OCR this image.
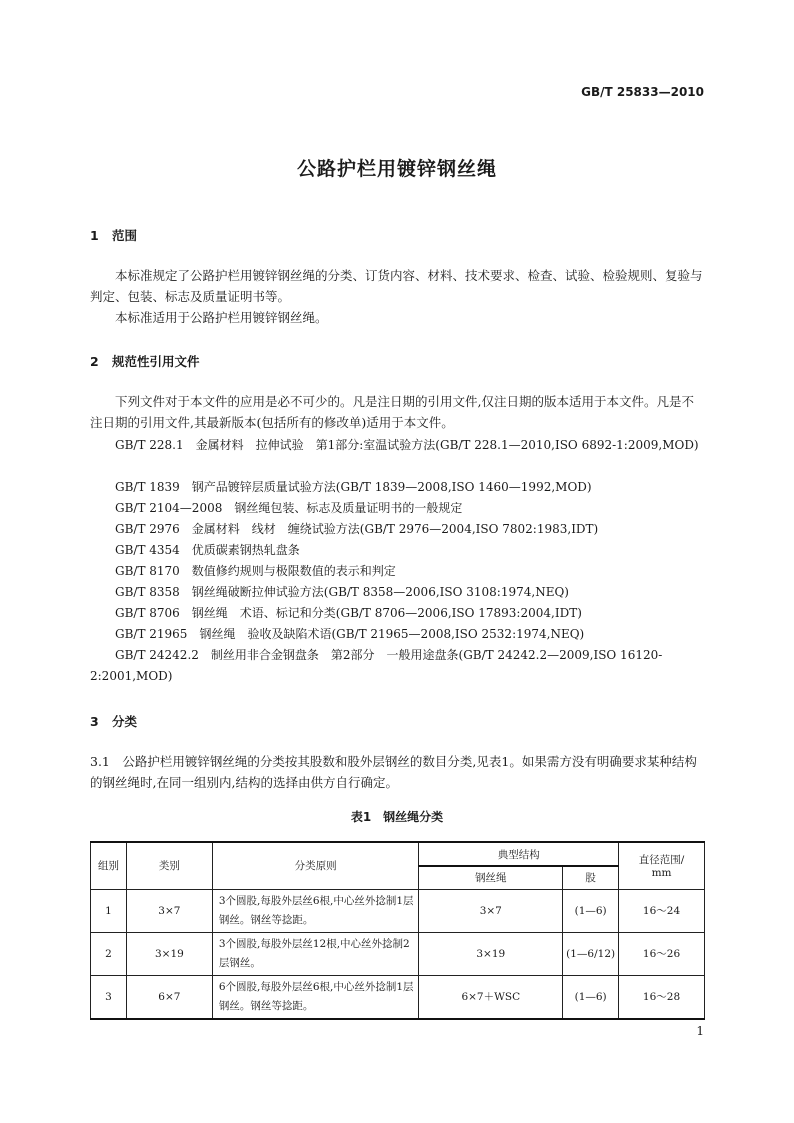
GB/T 25833—2010
公路护栏用镀锌钢丝绳
1 范围
本标准规定了公路护栏用镀锌钢丝绳的分类、订货内容、材料、技术要求、检查、试验、检验规则、复验与判定、包装、标志及质量证明书等。
本标准适用于公路护栏用镀锌钢丝绳。
2 规范性引用文件
下列文件对于本文件的应用是必不可少的。凡是注日期的引用文件,仅注日期的版本适用于本文件。凡是不注日期的引用文件,其最新版本(包括所有的修改单)适用于本文件。
GB/T 228.1　金属材料　拉伸试验　第1部分:室温试验方法(GB/T 228.1—2010,ISO 6892-1:2009,MOD)
GB/T 1839　钢产品镀锌层质量试验方法(GB/T 1839—2008,ISO 1460—1992,MOD)
GB/T 2104—2008　钢丝绳包装、标志及质量证明书的一般规定
GB/T 2976　金属材料　线材　缠绕试验方法(GB/T 2976—2004,ISO 7802:1983,IDT)
GB/T 4354　优质碳素钢热轧盘条
GB/T 8170　数值修约规则与极限数值的表示和判定
GB/T 8358　钢丝绳破断拉伸试验方法(GB/T 8358—2006,ISO 3108:1974,NEQ)
GB/T 8706　钢丝绳　术语、标记和分类(GB/T 8706—2006,ISO 17893:2004,IDT)
GB/T 21965　钢丝绳　验收及缺陷术语(GB/T 21965—2008,ISO 2532:1974,NEQ)
GB/T 24242.2　制丝用非合金钢盘条　第2部分　一般用途盘条(GB/T 24242.2—2009,ISO 16120-2:2001,MOD)
3 分类
3.1　 公路护栏用镀锌钢丝绳的分类按其股数和股外层钢丝的数目分类,见表1。如果需方没有明确要求某种结构的钢丝绳时,在同一组别内,结构的选择由供方自行确定。
表1　钢丝绳分类
组别	类别	分类原则	典型结构		直径范围/
mm
			钢丝绳	股	
1	3×7	3个圆股,每股外层丝6根,中心丝外捻制1层钢丝。钢丝等捻距。	3×7	(1—6)	16～24
2	3×19	3个圆股,每股外层丝12根,中心丝外捻制2层钢丝。	3×19	(1—6/12)	16～26
3	6×7	6个圆股,每股外层丝6根,中心丝外捻制1层钢丝。钢丝等捻距。	6×7＋WSC	(1—6)	16～28
1
